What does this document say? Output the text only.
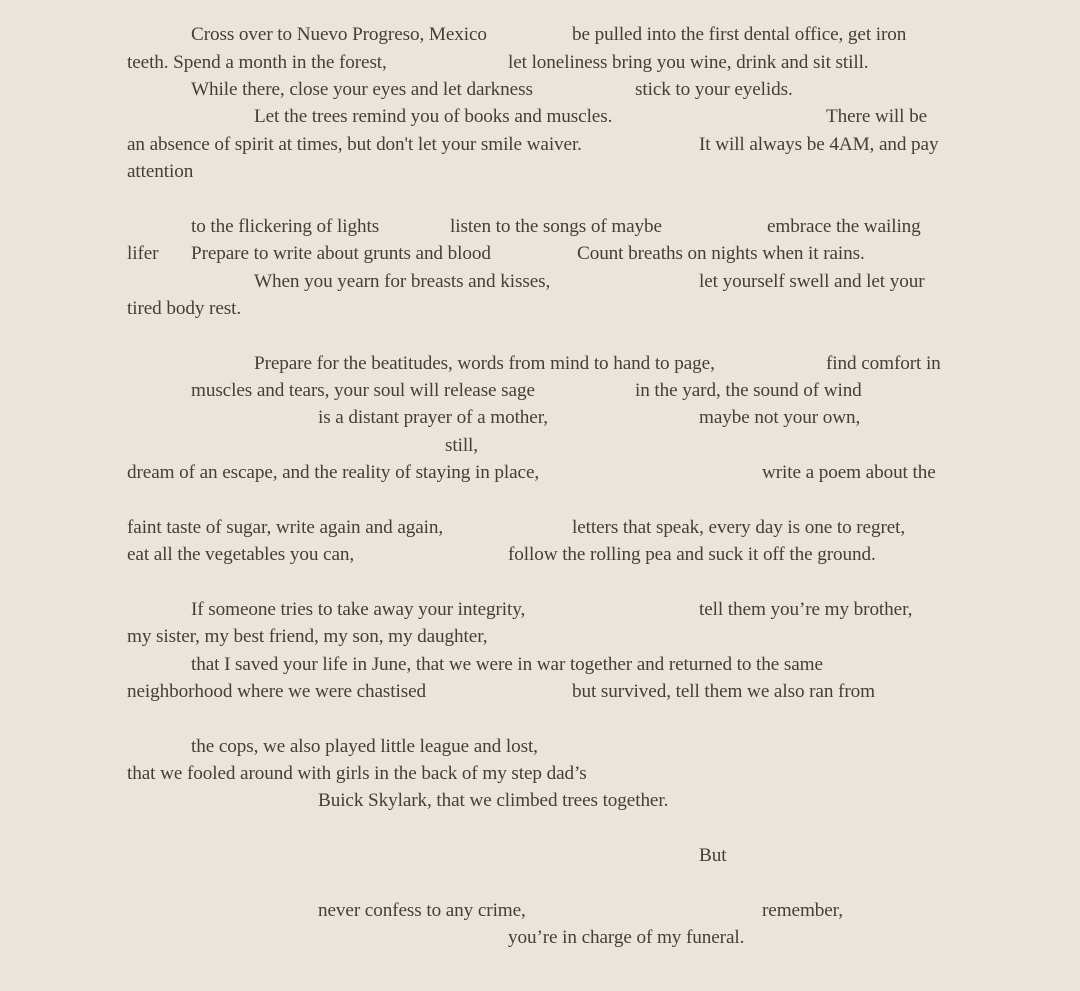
Cross over to Nuevo Progreso, Mexico	be pulled into the first dental office, get iron

teeth. Spend a month in the forest,	let loneliness bring you wine, drink and sit still.

While there, close your eyes and let darkness	stick to your eyelids.

Let the trees remind you of books and muscles.	There will be

an absence of spirit at times, but don't let your smile waiver.	It will always be 4AM, and pay

attention

to the flickering of lights	listen to the songs of maybe	embrace the wailing

lifer Prepare to write about grunts and blood	Count breaths on nights when it rains.

When you yearn for breasts and kisses,	let yourself swell and let your

tired body rest.

Prepare for the beatitudes, words from mind to hand to page,	find comfort in

muscles and tears, your soul will release sage	in the yard, the sound of wind

is a distant prayer of a mother,	maybe not your own,

still,

dream of an escape, and the reality of staying in place,	write a poem about the

faint taste of sugar, write again and again,	letters that speak, every day is one to regret,

eat all the vegetables you can,	follow the rolling pea and suck it off the ground.

If someone tries to take away your integrity,	tell them you’re my brother,

my sister, my best friend, my son, my daughter,

that I saved your life in June, that we were in war together and returned to the same

neighborhood where we were chastised	but survived, tell them we also ran from

the cops, we also played little league and lost,

that we fooled around with girls in the back of my step dad’s

Buick Skylark, that we climbed trees together.

But

never confess to any crime,	remember,

you’re in charge of my funeral.
